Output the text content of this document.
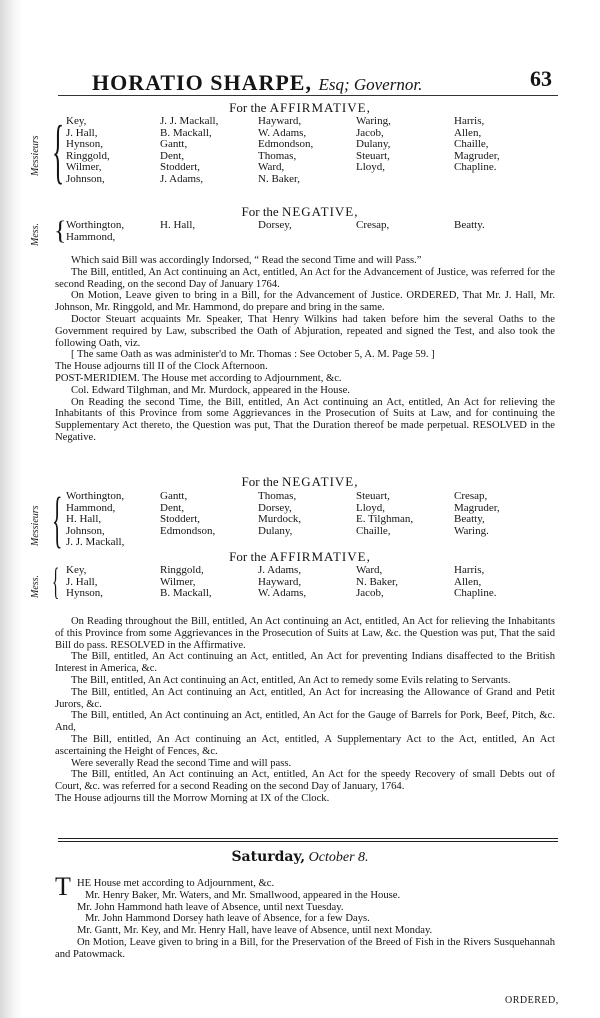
HORATIO SHARPE, Esq; Governor.	63
For the AFFIRMATIVE,
Messieurs { Key,	J. J. Mackall,	Hayward,	Waring,	Harris,
J. Hall,	B. Mackall,	W. Adams,	Jacob,	Allen,
Hynson,	Gantt,	Edmondson,	Dulany,	Chaille,
Ringgold,	Dent,	Thomas,	Steuart,	Magruder,
Wilmer,	Stoddert,	Ward,	Lloyd,	Chapline.
Johnson,	J. Adams,	N. Baker,
For the NEGATIVE,
Mess. { Worthington,	H. Hall,	Dorsey,	Cresap,	Beatty.
Hammond,

Which said Bill was accordingly Indorsed, “ Read the second Time and will Pass.”

The Bill, entitled, An Act continuing an Act, entitled, An Act for the Advancement of Justice, was referred for the second Reading, on the second Day of January 1764.

On Motion, Leave given to bring in a Bill, for the Advancement of Justice. ORDERED, That Mr. J. Hall, Mr. Johnson, Mr. Ringgold, and Mr. Hammond, do prepare and bring in the same.

Doctor Steuart acquaints Mr. Speaker, That Henry Wilkins had taken before him the several Oaths to the Government required by Law, subscribed the Oath of Abjuration, repeated and signed the Test, and also took the following Oath, viz.

[ The same Oath as was administer'd to Mr. Thomas : See October 5, A. M. Page 59. ]

The House adjourns till II of the Clock Afternoon.

POST-MERIDIEM. The House met according to Adjournment, &c.

Col. Edward Tilghman, and Mr. Murdock, appeared in the House.

On Reading the second Time, the Bill, entitled, An Act continuing an Act, entitled, An Act for relieving the Inhabitants of this Province from some Aggrievances in the Prosecution of Suits at Law, and for continuing the Supplementary Act thereto, the Question was put, That the Duration thereof be made perpetual. RESOLVED in the Negative.

For the NEGATIVE,
Messieurs { Worthington,	Gantt,	Thomas,	Steuart,	Cresap,
Hammond,	Dent,	Dorsey,	Lloyd,	Magruder,
H. Hall,	Stoddert,	Murdock,	E. Tilghman,	Beatty,
Johnson,	Edmondson,	Dulany,	Chaille,	Waring.
J. J. Mackall,
For the AFFIRMATIVE,
Mess. { Key,	Ringgold,	J. Adams,	Ward,	Harris,
J. Hall,	Wilmer,	Hayward,	N. Baker,	Allen,
Hynson,	B. Mackall,	W. Adams,	Jacob,	Chapline.

On Reading throughout the Bill, entitled, An Act continuing an Act, entitled, An Act for relieving the Inhabitants of this Province from some Aggrievances in the Prosecution of Suits at Law, &c. the Question was put, That the said Bill do pass. RESOLVED in the Affirmative.

The Bill, entitled, An Act continuing an Act, entitled, An Act for preventing Indians disaffected to the British Interest in America, &c.

The Bill, entitled, An Act continuing an Act, entitled, An Act to remedy some Evils relating to Servants.

The Bill, entitled, An Act continuing an Act, entitled, An Act for increasing the Allowance of Grand and Petit Jurors, &c.

The Bill, entitled, An Act continuing an Act, entitled, An Act for the Gauge of Barrels for Pork, Beef, Pitch, &c. And,

The Bill, entitled, An Act continuing an Act, entitled, A Supplementary Act to the Act, entitled, An Act ascertaining the Height of Fences, &c.

Were severally Read the second Time and will pass.

The Bill, entitled, An Act continuing an Act, entitled, An Act for the speedy Recovery of small Debts out of Court, &c. was referred for a second Reading on the second Day of January, 1764.

The House adjourns till the Morrow Morning at IX of the Clock.

Saturday, October 8.
T HE House met according to Adjournment, &c.

Mr. Henry Baker, Mr. Waters, and Mr. Smallwood, appeared in the House.

Mr. John Hammond hath leave of Absence, until next Tuesday.

Mr. John Hammond Dorsey hath leave of Absence, for a few Days.

Mr. Gantt, Mr. Key, and Mr. Henry Hall, have leave of Absence, until next Monday.

On Motion, Leave given to bring in a Bill, for the Preservation of the Breed of Fish in the Rivers Susquehannah and Patowmack.

ORDERED,
